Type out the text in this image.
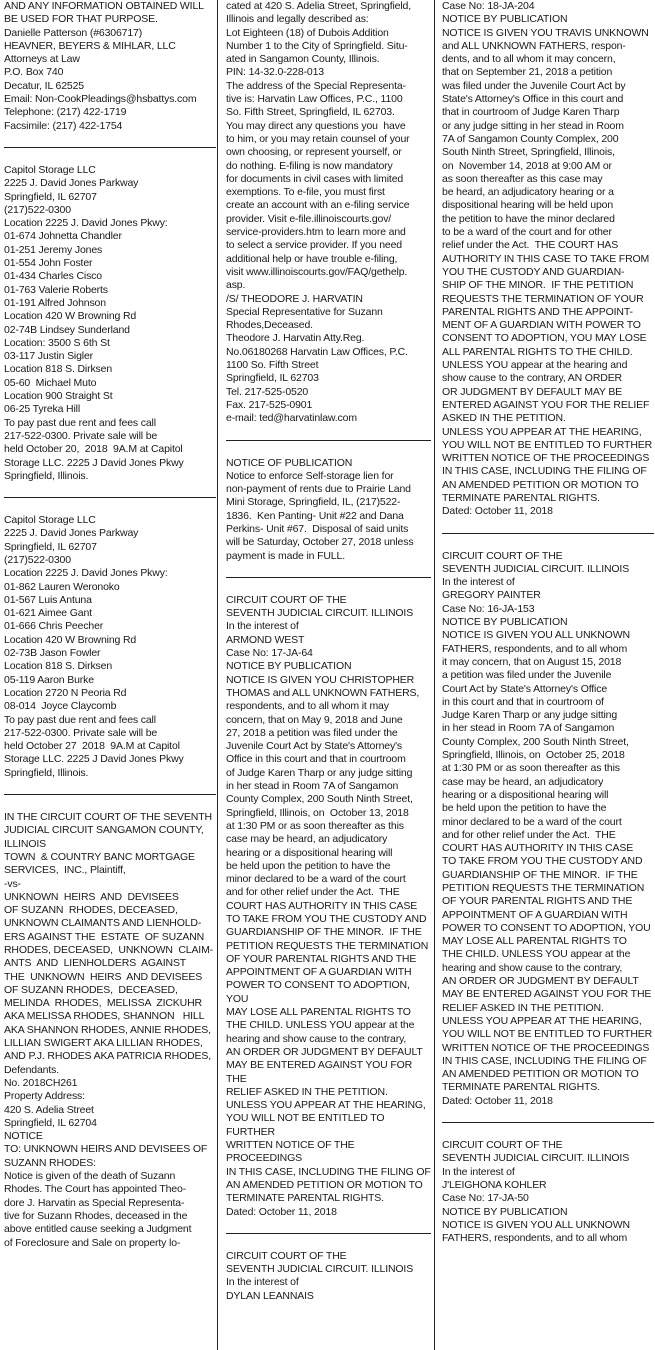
AND ANY INFORMATION OBTAINED WILL

BE USED FOR THAT PURPOSE.

Danielle Patterson (#6306717)

HEAVNER, BEYERS & MIHLAR, LLC

Attorneys at Law

P.O. Box 740

Decatur, IL 62525

Email: Non-CookPleadings@hsbattys.com

Telephone: (217) 422-1719

Facsimile: (217) 422-1754

Capitol Storage LLC

2225 J. David Jones Parkway

Springfield, IL 62707

(217)522-0300

Location 2225 J. David Jones Pkwy:

01-674 Johnetta Chandler

01-251 Jeremy Jones

01-554 John Foster

01-434 Charles Cisco

01-763 Valerie Roberts

01-191 Alfred Johnson

Location 420 W Browning Rd

02-74B Lindsey Sunderland

Location: 3500 S 6th St

03-117 Justin Sigler

Location 818 S. Dirksen

05-60  Michael Muto

Location 900 Straight St

06-25 Tyreka Hill

To pay past due rent and fees call

217-522-0300. Private sale will be

held October 20,  2018  9A.M at Capitol

Storage LLC. 2225 J David Jones Pkwy

Springfield, Illinois.

Capitol Storage LLC

2225 J. David Jones Parkway

Springfield, IL 62707

(217)522-0300

Location 2225 J. David Jones Pkwy:

01-862 Lauren Weronoko

01-567 Luis Antuna

01-621 Aimee Gant

01-666 Chris Peecher

Location 420 W Browning Rd

02-73B Jason Fowler

Location 818 S. Dirksen

05-119 Aaron Burke

Location 2720 N Peoria Rd

08-014  Joyce Claycomb

To pay past due rent and fees call

217-522-0300. Private sale will be

held October 27  2018  9A.M at Capitol

Storage LLC. 2225 J David Jones Pkwy

Springfield, Illinois.

IN THE CIRCUIT COURT OF THE SEVENTH

JUDICIAL CIRCUIT SANGAMON COUNTY,

ILLINOIS

TOWN  & COUNTRY BANC MORTGAGE

SERVICES,  INC., Plaintiff,

-vs-

UNKNOWN  HEIRS  AND  DEVISEES

OF SUZANN  RHODES, DECEASED,

UNKNOWN CLAIMANTS AND LIENHOLD-

ERS AGAINST THE  ESTATE  OF SUZANN

RHODES, DECEASED,  UNKNOWN  CLAIM-

ANTS  AND  LIENHOLDERS  AGAINST

THE  UNKNOWN  HEIRS  AND DEVISEES

OF SUZANN RHODES,  DECEASED,

MELINDA  RHODES,  MELISSA  ZICKUHR

AKA MELISSA RHODES, SHANNON   HILL

AKA SHANNON RHODES, ANNIE RHODES,

LILLIAN SWIGERT AKA LILLIAN RHODES,

AND P.J. RHODES AKA PATRICIA RHODES,

Defendants.

No. 2018CH261

Property Address:

420 S. Adelia Street

Springfield, IL 62704

NOTICE

TO: UNKNOWN HEIRS AND DEVISEES OF

SUZANN RHODES:

Notice is given of the death of Suzann

Rhodes. The Court has appointed Theo-

dore J. Harvatin as Special Representa-

tive for Suzann Rhodes, deceased in the

above entitled cause seeking a Judgment

of Foreclosure and Sale on property lo-

cated at 420 S. Adelia Street, Springfield,

Illinois and legally described as:

Lot Eighteen (18) of Dubois Addition

Number 1 to the City of Springfield. Situ-

ated in Sangamon County, Illinois.

PIN: 14-32.0-228-013

The address of the Special Representa-

tive is: Harvatin Law Offices, P.C., 1100

So. Fifth Street, Springfield, IL 62703.

You may direct any questions you  have

to him, or you may retain counsel of your

own choosing, or represent yourself, or

do nothing. E-filing is now mandatory

for documents in civil cases with limited

exemptions. To e-file, you must first

create an account with an e-filing service

provider. Visit e-file.illinoiscourts.gov/

service-providers.htm to learn more and

to select a service provider. If you need

additional help or have trouble e-filing,

visit www.illinoiscourts.gov/FAQ/gethelp.

asp.

/S/ THEODORE J. HARVATIN

Special Representative for Suzann

Rhodes,Deceased.

Theodore J. Harvatin Atty.Reg.

No.06180268 Harvatin Law Offices, P.C.

1100 So. Fifth Street

Springfield, IL 62703

Tel. 217-525-0520

Fax. 217-525-0901

e-mail: ted@harvatinlaw.com

NOTICE OF PUBLICATION

Notice to enforce Self-storage lien for

non-payment of rents due to Prairie Land

Mini Storage, Springfield, IL, (217)522-

1836.  Ken Panting- Unit #22 and Dana

Perkins- Unit #67.  Disposal of said units

will be Saturday, October 27, 2018 unless

payment is made in FULL.

CIRCUIT COURT OF THE

SEVENTH JUDICIAL CIRCUIT. ILLINOIS

In the interest of

ARMOND WEST

Case No: 17-JA-64

NOTICE BY PUBLICATION

NOTICE IS GIVEN YOU CHRISTOPHER

THOMAS and ALL UNKNOWN FATHERS,

respondents, and to all whom it may

concern, that on May 9, 2018 and June

27, 2018 a petition was filed under the

Juvenile Court Act by State's Attorney's

Office in this court and that in courtroom

of Judge Karen Tharp or any judge sitting

in her stead in Room 7A of Sangamon

County Complex, 200 South Ninth Street,

Springfield, Illinois, on  October 13, 2018

at 1:30 PM or as soon thereafter as this

case may be heard, an adjudicatory

hearing or a dispositional hearing will

be held upon the petition to have the

minor declared to be a ward of the court

and for other relief under the Act.  THE

COURT HAS AUTHORITY IN THIS CASE

TO TAKE FROM YOU THE CUSTODY AND

GUARDIANSHIP OF THE MINOR.  IF THE

PETITION REQUESTS THE TERMINATION

OF YOUR PARENTAL RIGHTS AND THE

APPOINTMENT OF A GUARDIAN WITH

POWER TO CONSENT TO ADOPTION, YOU

MAY LOSE ALL PARENTAL RIGHTS TO

THE CHILD. UNLESS YOU appear at the

hearing and show cause to the contrary,

AN ORDER OR JUDGMENT BY DEFAULT

MAY BE ENTERED AGAINST YOU FOR THE

RELIEF ASKED IN THE PETITION.

UNLESS YOU APPEAR AT THE HEARING,

YOU WILL NOT BE ENTITLED TO FURTHER

WRITTEN NOTICE OF THE PROCEEDINGS

IN THIS CASE, INCLUDING THE FILING OF

AN AMENDED PETITION OR MOTION TO

TERMINATE PARENTAL RIGHTS.

Dated: October 11, 2018

CIRCUIT COURT OF THE

SEVENTH JUDICIAL CIRCUIT. ILLINOIS

In the interest of

DYLAN LEANNAIS

Case No: 18-JA-204

NOTICE BY PUBLICATION

NOTICE IS GIVEN YOU TRAVIS UNKNOWN

and ALL UNKNOWN FATHERS, respon-

dents, and to all whom it may concern,

that on September 21, 2018 a petition

was filed under the Juvenile Court Act by

State's Attorney's Office in this court and

that in courtroom of Judge Karen Tharp

or any judge sitting in her stead in Room

7A of Sangamon County Complex, 200

South Ninth Street, Springfield, Illinois,

on  November 14, 2018 at 9:00 AM or

as soon thereafter as this case may

be heard, an adjudicatory hearing or a

dispositional hearing will be held upon

the petition to have the minor declared

to be a ward of the court and for other

relief under the Act.  THE COURT HAS

AUTHORITY IN THIS CASE TO TAKE FROM

YOU THE CUSTODY AND GUARDIAN-

SHIP OF THE MINOR.  IF THE PETITION

REQUESTS THE TERMINATION OF YOUR

PARENTAL RIGHTS AND THE APPOINT-

MENT OF A GUARDIAN WITH POWER TO

CONSENT TO ADOPTION, YOU MAY LOSE

ALL PARENTAL RIGHTS TO THE CHILD.

UNLESS YOU appear at the hearing and

show cause to the contrary, AN ORDER

OR JUDGMENT BY DEFAULT MAY BE

ENTERED AGAINST YOU FOR THE RELIEF

ASKED IN THE PETITION.

UNLESS YOU APPEAR AT THE HEARING,

YOU WILL NOT BE ENTITLED TO FURTHER

WRITTEN NOTICE OF THE PROCEEDINGS

IN THIS CASE, INCLUDING THE FILING OF

AN AMENDED PETITION OR MOTION TO

TERMINATE PARENTAL RIGHTS.

Dated: October 11, 2018

CIRCUIT COURT OF THE

SEVENTH JUDICIAL CIRCUIT. ILLINOIS

In the interest of

GREGORY PAINTER

Case No: 16-JA-153

NOTICE BY PUBLICATION

NOTICE IS GIVEN YOU ALL UNKNOWN

FATHERS, respondents, and to all whom

it may concern, that on August 15, 2018

a petition was filed under the Juvenile

Court Act by State's Attorney's Office

in this court and that in courtroom of

Judge Karen Tharp or any judge sitting

in her stead in Room 7A of Sangamon

County Complex, 200 South Ninth Street,

Springfield, Illinois, on  October 25, 2018

at 1:30 PM or as soon thereafter as this

case may be heard, an adjudicatory

hearing or a dispositional hearing will

be held upon the petition to have the

minor declared to be a ward of the court

and for other relief under the Act.  THE

COURT HAS AUTHORITY IN THIS CASE

TO TAKE FROM YOU THE CUSTODY AND

GUARDIANSHIP OF THE MINOR.  IF THE

PETITION REQUESTS THE TERMINATION

OF YOUR PARENTAL RIGHTS AND THE

APPOINTMENT OF A GUARDIAN WITH

POWER TO CONSENT TO ADOPTION, YOU

MAY LOSE ALL PARENTAL RIGHTS TO

THE CHILD. UNLESS YOU appear at the

hearing and show cause to the contrary,

AN ORDER OR JUDGMENT BY DEFAULT

MAY BE ENTERED AGAINST YOU FOR THE

RELIEF ASKED IN THE PETITION.

UNLESS YOU APPEAR AT THE HEARING,

YOU WILL NOT BE ENTITLED TO FURTHER

WRITTEN NOTICE OF THE PROCEEDINGS

IN THIS CASE, INCLUDING THE FILING OF

AN AMENDED PETITION OR MOTION TO

TERMINATE PARENTAL RIGHTS.

Dated: October 11, 2018

CIRCUIT COURT OF THE

SEVENTH JUDICIAL CIRCUIT. ILLINOIS

In the interest of

J'LEIGHONA KOHLER

Case No: 17-JA-50

NOTICE BY PUBLICATION

NOTICE IS GIVEN YOU ALL UNKNOWN

FATHERS, respondents, and to all whom
